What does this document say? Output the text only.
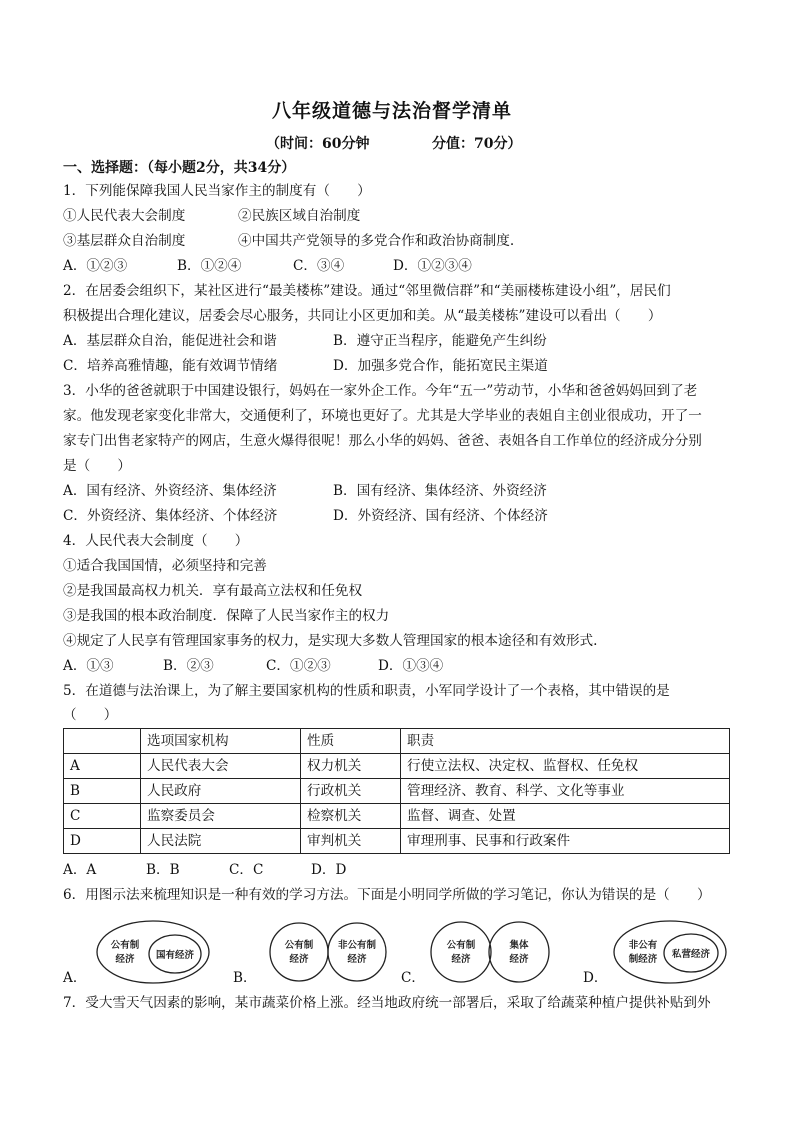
八年级道德与法治督学清单
（时间：60分钟	分值：70分）
一、选择题：（每小题2分，共34分）
1．下列能保障我国人民当家作主的制度有（　　）
①人民代表大会制度	②民族区域自治制度
③基层群众自治制度	④中国共产党领导的多党合作和政治协商制度.
A．①②③	B．①②④	C．③④	D．①②③④
2．在居委会组织下，某社区进行“最美楼栋”建设。通过“邻里微信群”和“美丽楼栋建设小组”，居民们
积极提出合理化建议，居委会尽心服务，共同让小区更加和美。从“最美楼栋”建设可以看出（　　）
A．基层群众自治，能促进社会和谐	B．遵守正当程序，能避免产生纠纷
C．培养高雅情趣，能有效调节情绪	D．加强多党合作，能拓宽民主渠道
3．小华的爸爸就职于中国建设银行，妈妈在一家外企工作。今年“五一”劳动节，小华和爸爸妈妈回到了老
家。他发现老家变化非常大，交通便利了，环境也更好了。尤其是大学毕业的表姐自主创业很成功，开了一
家专门出售老家特产的网店，生意火爆得很呢！那么小华的妈妈、爸爸、表姐各自工作单位的经济成分分别
是（　　）
A．国有经济、外资经济、集体经济	B．国有经济、集体经济、外资经济
C．外资经济、集体经济、个体经济	D．外资经济、国有经济、个体经济
4．人民代表大会制度（　　）
①适合我国国情，必须坚持和完善
②是我国最高权力机关．享有最高立法权和任免权
③是我国的根本政治制度．保障了人民当家作主的权力
④规定了人民享有管理国家事务的权力，是实现大多数人管理国家的根本途径和有效形式.
A．①③	B．②③	C．①②③	D．①③④
5．在道德与法治课上，为了解主要国家机构的性质和职责，小军同学设计了一个表格，其中错误的是
（　　）
	选项国家机构	性质	职责
A	人民代表大会	权力机关	行使立法权、决定权、监督权、任免权
B	人民政府	行政机关	管理经济、教育、科学、文化等事业
C	监察委员会	检察机关	监督、调查、处置
D	人民法院	审判机关	审理刑事、民事和行政案件
A．A	B．B	C．C	D．D
6．用图示法来梳理知识是一种有效的学习方法。下面是小明同学所做的学习笔记，你认为错误的是（　　）
公有制
经济 国有经济
公有制
经济
非公有制
经济
公有制
经济
集体
经济
非公有
制经济 私营经济
A．	B．	C．	D．
7．受大雪天气因素的影响，某市蔬菜价格上涨。经当地政府统一部署后，采取了给蔬菜种植户提供补贴到外
